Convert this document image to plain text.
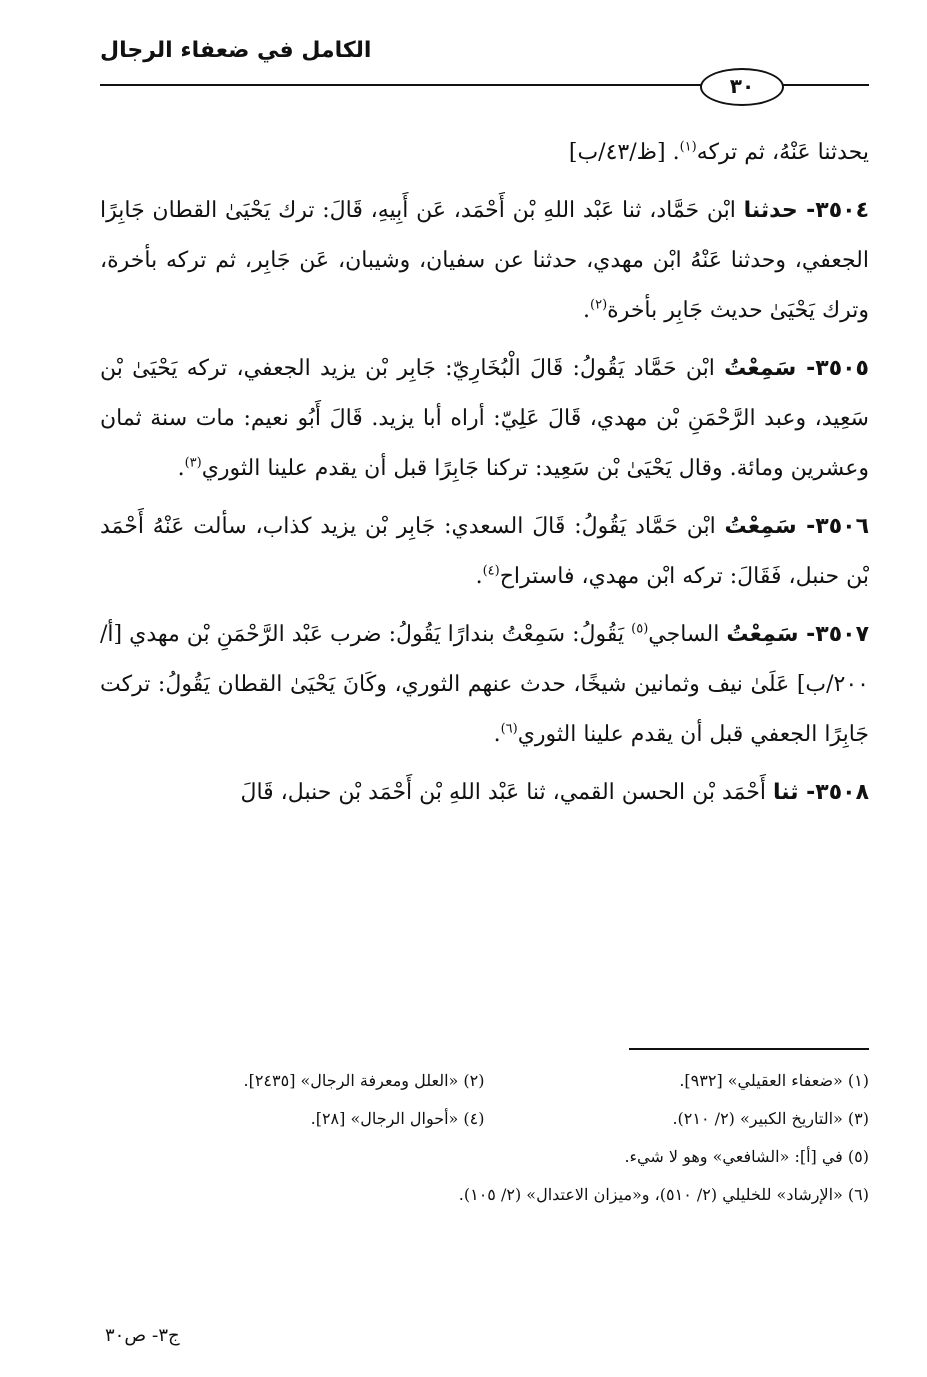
الكامل في ضعفاء الرجال
٣٠

يحدثنا عَنْهُ، ثم تركه$^{(١)}$. [ظ/٤٣/ب]

٣٥٠٤- حدثنا ابْن حَمَّاد، ثنا عَبْد اللهِ بْن أَحْمَد، عَن أَبِيهِ، قَالَ: ترك يَحْيَىٰ القطان جَابِرًا الجعفي، وحدثنا عَنْهُ ابْن مهدي، حدثنا عن سفيان، وشيبان، عَن جَابِر، ثم تركه بأخرة، وترك يَحْيَىٰ حديث جَابِر بأخرة$^{(٢)}$.

٣٥٠٥- سَمِعْتُ ابْن حَمَّاد يَقُولُ: قَالَ الْبُخَارِيّ: جَابِر بْن يزيد الجعفي، تركه يَحْيَىٰ بْن سَعِيد، وعبد الرَّحْمَنِ بْن مهدي، قَالَ عَلِيّ: أراه أبا يزيد. قَالَ أَبُو نعيم: مات سنة ثمان وعشرين ومائة. وقال يَحْيَىٰ بْن سَعِيد: تركنا جَابِرًا قبل أن يقدم علينا الثوري$^{(٣)}$.

٣٥٠٦- سَمِعْتُ ابْن حَمَّاد يَقُولُ: قَالَ السعدي: جَابِر بْن يزيد كذاب، سألت عَنْهُ أَحْمَد بْن حنبل، فَقَالَ: تركه ابْن مهدي، فاستراح$^{(٤)}$.

٣٥٠٧- سَمِعْتُ الساجي$^{(٥)}$ يَقُولُ: سَمِعْتُ بندارًا يَقُولُ: ضرب عَبْد الرَّحْمَنِ بْن مهدي [أ/٢٠٠/ب] عَلَىٰ نيف وثمانين شيخًا، حدث عنهم الثوري، وكَانَ يَحْيَىٰ القطان يَقُولُ: تركت جَابِرًا الجعفي قبل أن يقدم علينا الثوري$^{(٦)}$.

٣٥٠٨- ثنا أَحْمَد بْن الحسن القمي، ثنا عَبْد اللهِ بْن أَحْمَد بْن حنبل، قَالَ

(١) «ضعفاء العقيلي» [٩٣٢].
(٢) «العلل ومعرفة الرجال» [٢٤٣٥].
(٣) «التاريخ الكبير» (٢/ ٢١٠).
(٤) «أحوال الرجال» [٢٨].
(٥) في [أ]: «الشافعي» وهو لا شيء.
(٦) «الإرشاد» للخليلي (٢/ ٥١٠)، و«ميزان الاعتدال» (٢/ ١٠٥).
ج٣- ص٣٠
